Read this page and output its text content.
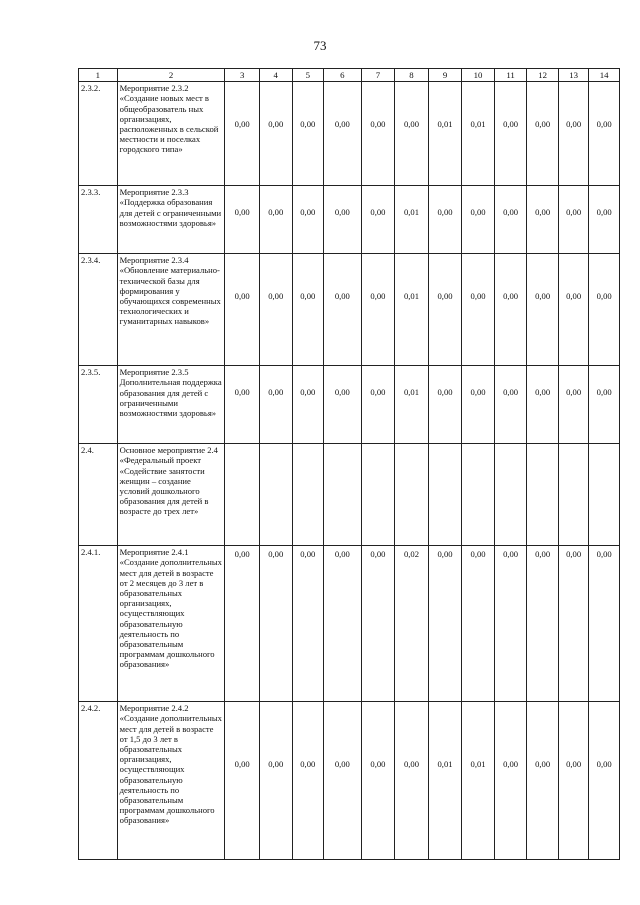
73
1	2	3	4	5	6	7	8	9	10	11	12	13	14
2.3.2.	Мероприятие 2.3.2 «Создание новых мест в общеобразователь ных организациях, расположенных в сельской местности и поселках городского типа»	0,00	0,00	0,00	0,00	0,00	0,00	0,01	0,01	0,00	0,00	0,00	0,00

2.3.3.	Мероприятие 2.3.3 «Поддержка образования для детей с ограниченными возможностями здоровья»	0,00	0,00	0,00	0,00	0,00	0,01	0,00	0,00	0,00	0,00	0,00	0,00

2.3.4.	Мероприятие 2.3.4 «Обновление материально-технической базы для формирования у обучающихся современных технологических и гуманитарных навыков»	0,00	0,00	0,00	0,00	0,00	0,01	0,00	0,00	0,00	0,00	0,00	0,00

2.3.5.	Мероприятие 2.3.5 Дополнительная поддержка образования для детей с ограниченными возможностями здоровья»	0,00	0,00	0,00	0,00	0,00	0,01	0,00	0,00	0,00	0,00	0,00	0,00

2.4.	Основное мероприятие 2.4 «Федеральный проект «Содействие занятости женщин – создание условий дошкольного образования для детей в возрасте до трех лет»	

2.4.1.	Мероприятие 2.4.1 «Создание дополнительных мест для детей в возрасте от 2 месяцев до 3 лет в образовательных организациях, осуществляющих образовательную деятельность по образовательным программам дошкольного образования»	0,00	0,00	0,00	0,00	0,00	0,02	0,00	0,00	0,00	0,00	0,00	0,00

2.4.2.	Мероприятие 2.4.2 «Создание дополнительных мест для детей в возрасте от 1,5 до 3 лет в образовательных организациях, осуществляющих образовательную деятельность по образовательным программам дошкольного образования»	0,00	0,00	0,00	0,00	0,00	0,00	0,01	0,01	0,00	0,00	0,00	0,00
